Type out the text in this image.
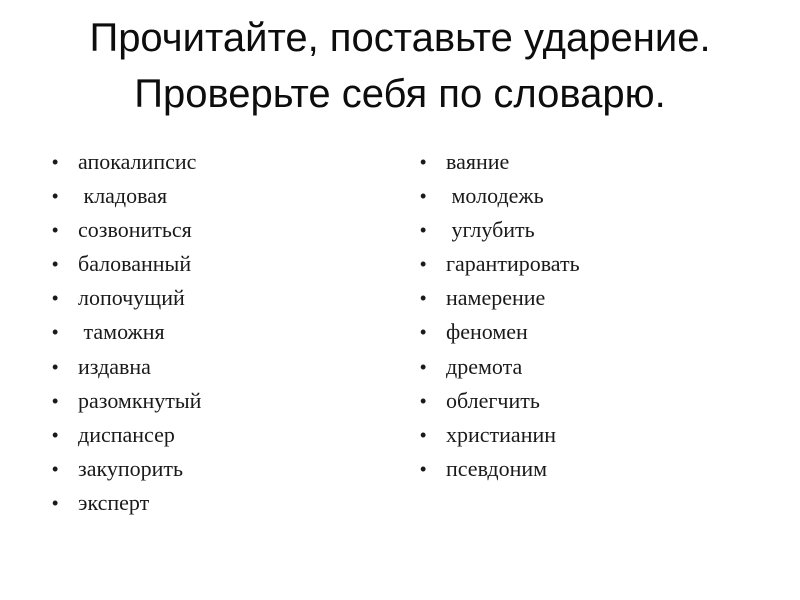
Прочитайте, поставьте ударение.
Проверьте себя по словарю.
• апокалипсис
• кладовая
• созвониться
• балованный
• лопочущий
• таможня
• издавна
• разомкнутый
• диспансер
• закупорить
• эксперт
• ваяние
• молодежь
• углубить
• гарантировать
• намерение
• феномен
• дремота
• облегчить
• христианин
• псевдоним
